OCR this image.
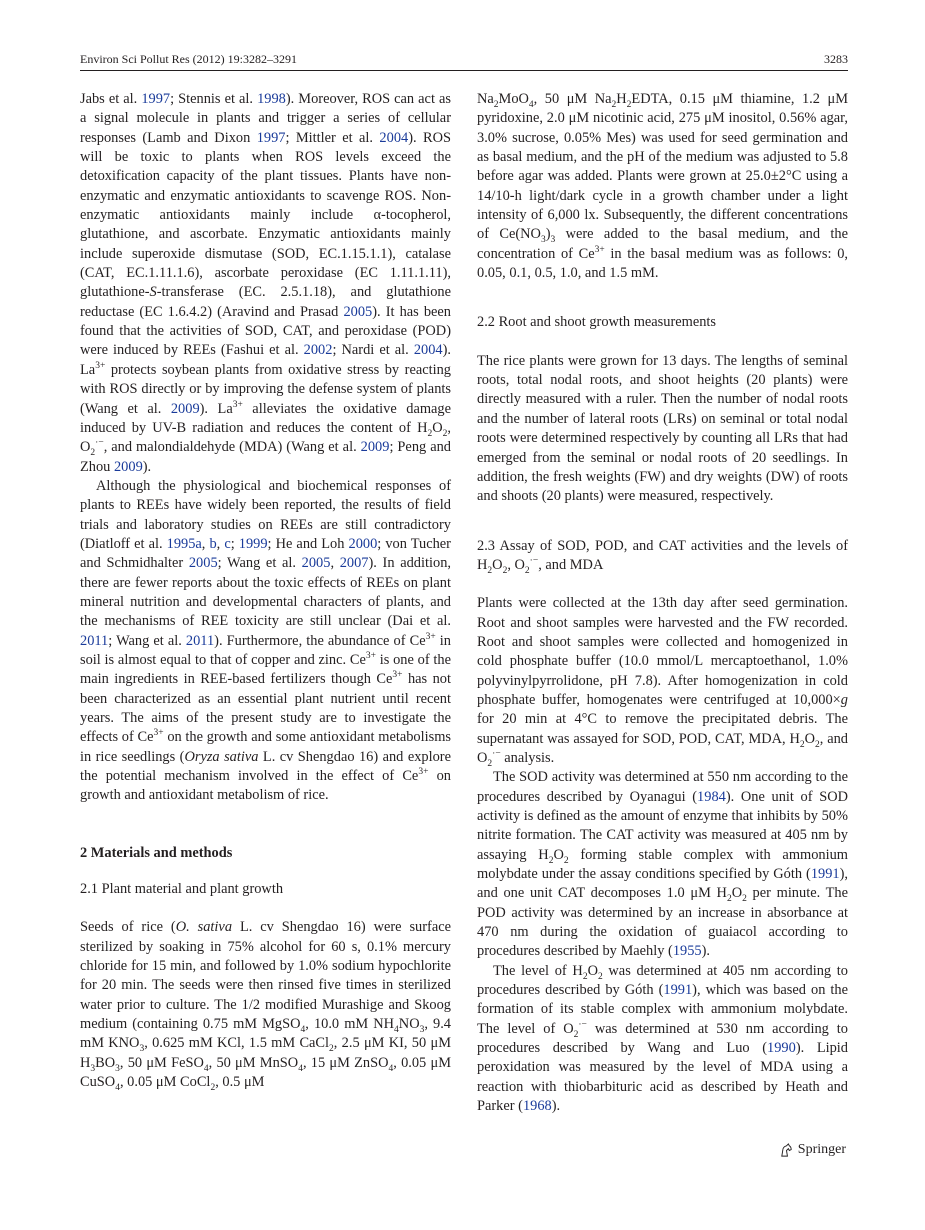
Environ Sci Pollut Res (2012) 19:3282–3291	3283

Jabs et al. 1997; Stennis et al. 1998). Moreover, ROS can act as a signal molecule in plants and trigger a series of cellular responses (Lamb and Dixon 1997; Mittler et al. 2004). ROS will be toxic to plants when ROS levels exceed the detoxification capacity of the plant tissues. Plants have non-enzymatic and enzymatic antioxidants to scavenge ROS. Non-enzymatic antioxidants mainly include α-tocopherol, glutathione, and ascorbate. Enzymatic antioxidants mainly include superoxide dismutase (SOD, EC.1.15.1.1), catalase (CAT, EC.1.11.1.6), ascorbate peroxidase (EC 1.11.1.11), glutathione-S-transferase (EC. 2.5.1.18), and glutathione reductase (EC 1.6.4.2) (Aravind and Prasad 2005). It has been found that the activities of SOD, CAT, and peroxidase (POD) were induced by REEs (Fashui et al. 2002; Nardi et al. 2004). $La^{3+}$ protects soybean plants from oxidative stress by reacting with ROS directly or by improving the defense system of plants (Wang et al. 2009). $La^{3+}$ alleviates the oxidative damage induced by UV-B radiation and reduces the content of $H_2O_2$, $O_2^{\cdot-}$, and malondialdehyde (MDA) (Wang et al. 2009; Peng and Zhou 2009).

Although the physiological and biochemical responses of plants to REEs have widely been reported, the results of field trials and laboratory studies on REEs are still contradictory (Diatloff et al. 1995a, b, c; 1999; He and Loh 2000; von Tucher and Schmidhalter 2005; Wang et al. 2005, 2007). In addition, there are fewer reports about the toxic effects of REEs on plant mineral nutrition and developmental characters of plants, and the mechanisms of REE toxicity are still unclear (Dai et al. 2011; Wang et al. 2011). Furthermore, the abundance of $Ce^{3+}$ in soil is almost equal to that of copper and zinc. $Ce^{3+}$ is one of the main ingredients in REE-based fertilizers though $Ce^{3+}$ has not been characterized as an essential plant nutrient until recent years. The aims of the present study are to investigate the effects of $Ce^{3+}$ on the growth and some antioxidant metabolisms in rice seedlings (Oryza sativa L. cv Shengdao 16) and explore the potential mechanism involved in the effect of $Ce^{3+}$ on growth and antioxidant metabolism of rice.

2 Materials and methods

2.1 Plant material and plant growth

Seeds of rice (O. sativa L. cv Shengdao 16) were surface sterilized by soaking in 75% alcohol for 60 s, 0.1% mercury chloride for 15 min, and followed by 1.0% sodium hypochlorite for 20 min. The seeds were then rinsed five times in sterilized water prior to culture. The 1/2 modified Murashige and Skoog medium (containing 0.75 mM MgSO$_4$, 10.0 mM $NH_4NO_3$, 9.4 mM $KNO_3$, 0.625 mM KCl, 1.5 mM CaCl$_2$, 2.5 μM KI, 50 μM $H_3BO_3$, 50 μM FeSO$_4$, 50 μM MnSO$_4$, 15 μM ZnSO$_4$, 0.05 μM CuSO$_4$, 0.05 μM CoCl$_2$, 0.5 μM

$Na_2MoO_4$, 50 μM $Na_2H_2EDTA$, 0.15 μM thiamine, 1.2 μM pyridoxine, 2.0 μM nicotinic acid, 275 μM inositol, 0.56% agar, 3.0% sucrose, 0.05% Mes) was used for seed germination and as basal medium, and the pH of the medium was adjusted to 5.8 before agar was added. Plants were grown at 25.0±2°C using a 14/10-h light/dark cycle in a growth chamber under a light intensity of 6,000 lx. Subsequently, the different concentrations of $Ce(NO_3)_3$ were added to the basal medium, and the concentration of $Ce^{3+}$ in the basal medium was as follows: 0, 0.05, 0.1, 0.5, 1.0, and 1.5 mM.

2.2 Root and shoot growth measurements

The rice plants were grown for 13 days. The lengths of seminal roots, total nodal roots, and shoot heights (20 plants) were directly measured with a ruler. Then the number of nodal roots and the number of lateral roots (LRs) on seminal or total nodal roots were determined respectively by counting all LRs that had emerged from the seminal or nodal roots of 20 seedlings. In addition, the fresh weights (FW) and dry weights (DW) of roots and shoots (20 plants) were measured, respectively.

2.3 Assay of SOD, POD, and CAT activities and the levels of $H_2O_2$, $O_2^{\cdot-}$, and MDA

Plants were collected at the 13th day after seed germination. Root and shoot samples were harvested and the FW recorded. Root and shoot samples were collected and homogenized in cold phosphate buffer (10.0 mmol/L mercaptoethanol, 1.0% polyvinylpyrrolidone, pH 7.8). After homogenization in cold phosphate buffer, homogenates were centrifuged at 10,000×g for 20 min at 4°C to remove the precipitated debris. The supernatant was assayed for SOD, POD, CAT, MDA, $H_2O_2$, and $O_2^{\cdot-}$ analysis.

The SOD activity was determined at 550 nm according to the procedures described by Oyanagui (1984). One unit of SOD activity is defined as the amount of enzyme that inhibits by 50% nitrite formation. The CAT activity was measured at 405 nm by assaying $H_2O_2$ forming stable complex with ammonium molybdate under the assay conditions specified by Góth (1991), and one unit CAT decomposes 1.0 μM $H_2O_2$ per minute. The POD activity was determined by an increase in absorbance at 470 nm during the oxidation of guaiacol according to procedures described by Maehly (1955).

The level of $H_2O_2$ was determined at 405 nm according to procedures described by Góth (1991), which was based on the formation of its stable complex with ammonium molybdate. The level of $O_2^{\cdot-}$ was determined at 530 nm according to procedures described by Wang and Luo (1990). Lipid peroxidation was measured by the level of MDA using a reaction with thiobarbituric acid as described by Heath and Parker (1968).

Springer
